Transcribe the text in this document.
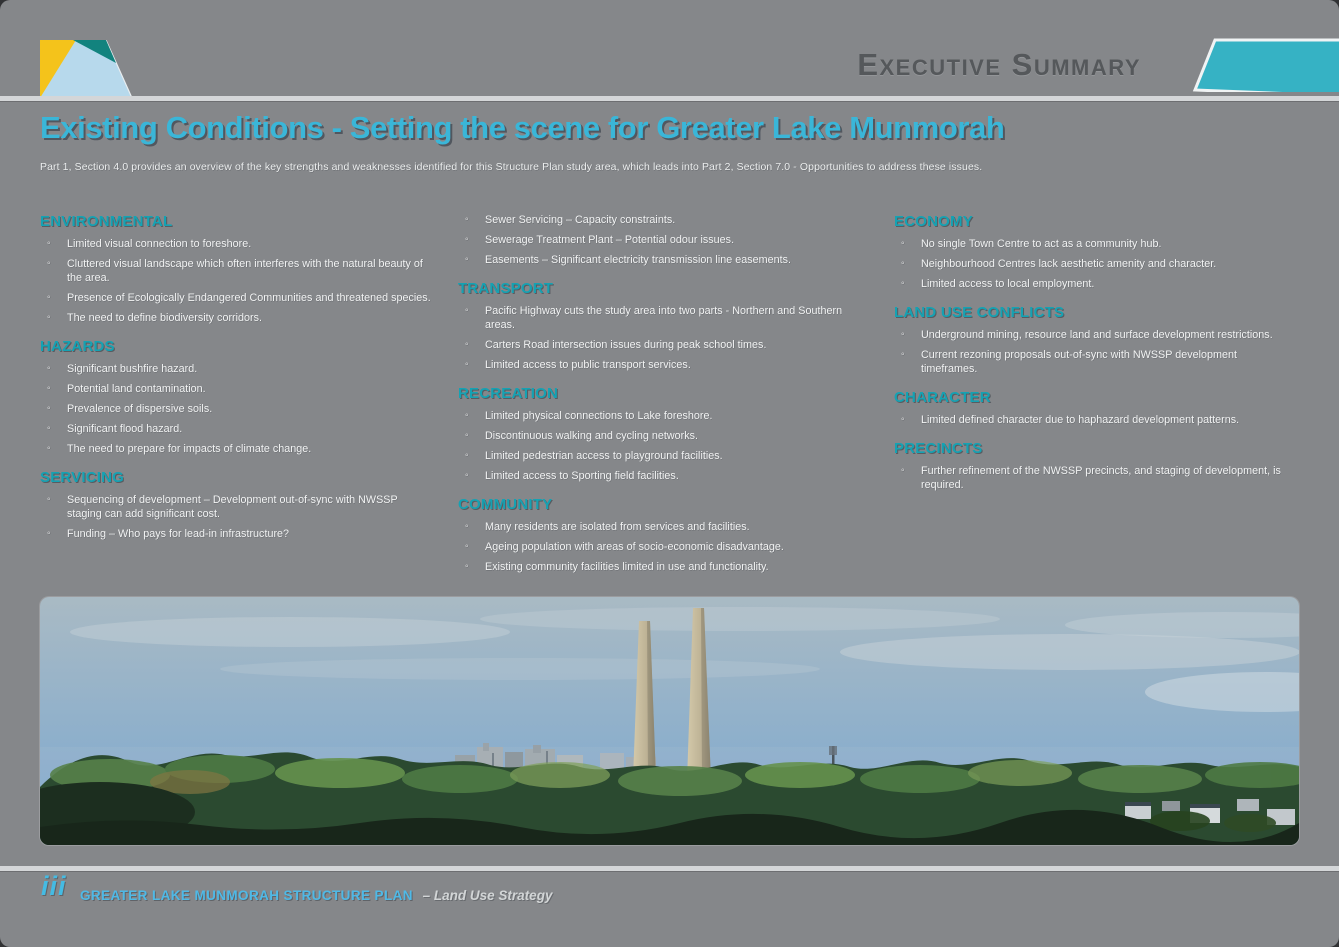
Executive Summary
Existing Conditions - Setting the scene for Greater Lake Munmorah
Part 1, Section 4.0 provides an overview of the key strengths and weaknesses identified for this Structure Plan study area, which leads into Part 2, Section 7.0 - Opportunities to address these issues.
ENVIRONMENTAL
◦ Limited visual connection to foreshore.
◦ Cluttered visual landscape which often interferes with the natural beauty of the area.
◦ Presence of Ecologically Endangered Communities and threatened species.
◦ The need to define biodiversity corridors.
HAZARDS
◦ Significant bushfire hazard.
◦ Potential land contamination.
◦ Prevalence of dispersive soils.
◦ Significant flood hazard.
◦ The need to prepare for impacts of climate change.
SERVICING
◦ Sequencing of development – Development out-of-sync with NWSSP staging can add significant cost.
◦ Funding – Who pays for lead-in infrastructure?
◦ Sewer Servicing – Capacity constraints.
◦ Sewerage Treatment Plant – Potential odour issues.
◦ Easements – Significant electricity transmission line easements.
TRANSPORT
◦ Pacific Highway cuts the study area into two parts - Northern and Southern areas.
◦ Carters Road intersection issues during peak school times.
◦ Limited access to public transport services.
RECREATION
◦ Limited physical connections to Lake foreshore.
◦ Discontinuous walking and cycling networks.
◦ Limited pedestrian access to playground facilities.
◦ Limited access to Sporting field facilities.
COMMUNITY
◦ Many residents are isolated from services and facilities.
◦ Ageing population with areas of socio-economic disadvantage.
◦ Existing community facilities limited in use and functionality.
ECONOMY
◦ No single Town Centre to act as a community hub.
◦ Neighbourhood Centres lack aesthetic amenity and character.
◦ Limited access to local employment.
LAND USE CONFLICTS
◦ Underground mining, resource land and surface development restrictions.
◦ Current rezoning proposals out-of-sync with NWSSP development timeframes.
CHARACTER
◦ Limited defined character due to haphazard development patterns.
PRECINCTS
◦ Further refinement of the NWSSP precincts, and staging of development, is required.
iii GREATER LAKE MUNMORAH STRUCTURE PLAN – Land Use Strategy
